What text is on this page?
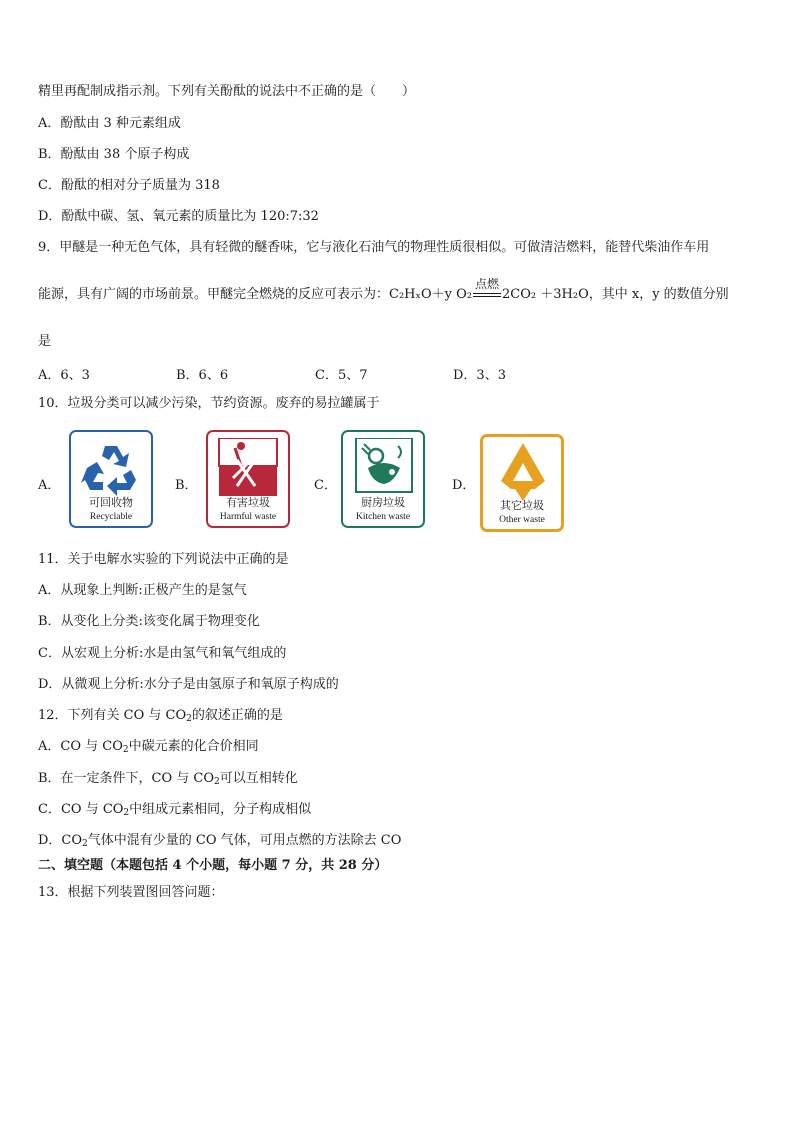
精里再配制成指示剂。下列有关酚酞的说法中不正确的是（　　）
A．酚酞由 3 种元素组成
B．酚酞由 38 个原子构成
C．酚酞的相对分子质量为 318
D．酚酞中碳、氢、氧元素的质量比为 120:7:32
9．甲醚是一种无色气体，具有轻微的醚香味，它与液化石油气的物理性质很相似。可做清洁燃料，能替代柴油作车用
能源，具有广阔的市场前景。甲醚完全燃烧的反应可表示为：C₂HₓO＋y O₂
点燃
2CO₂ ＋3H₂O，其中 x，y 的数值分别
是
A．6、3	B．6、6	C．5、7	D．3、3
10．垃圾分类可以减少污染，节约资源。废弃的易拉罐属于
A．
可回收物
Recyclable
B．
有害垃圾
Harmful waste
C．
厨房垃圾
Kitchen waste
D．
其它垃圾
Other waste
11．关于电解水实验的下列说法中正确的是
A．从现象上判断:正极产生的是氢气
B．从变化上分类:该变化属于物理变化
C．从宏观上分析:水是由氢气和氧气组成的
D．从微观上分析:水分子是由氢原子和氧原子构成的
12．下列有关 CO 与 $CO_2$的叙述正确的是
A．CO 与 $CO_2$中碳元素的化合价相同
B．在一定条件下，CO 与 $CO_2$可以互相转化
C．CO 与 $CO_2$中组成元素相同，分子构成相似
D．$CO_2$气体中混有少量的 CO 气体，可用点燃的方法除去 CO
二、填空题（本题包括 4 个小题，每小题 7 分，共 28 分）
13．根据下列装置图回答问题：
